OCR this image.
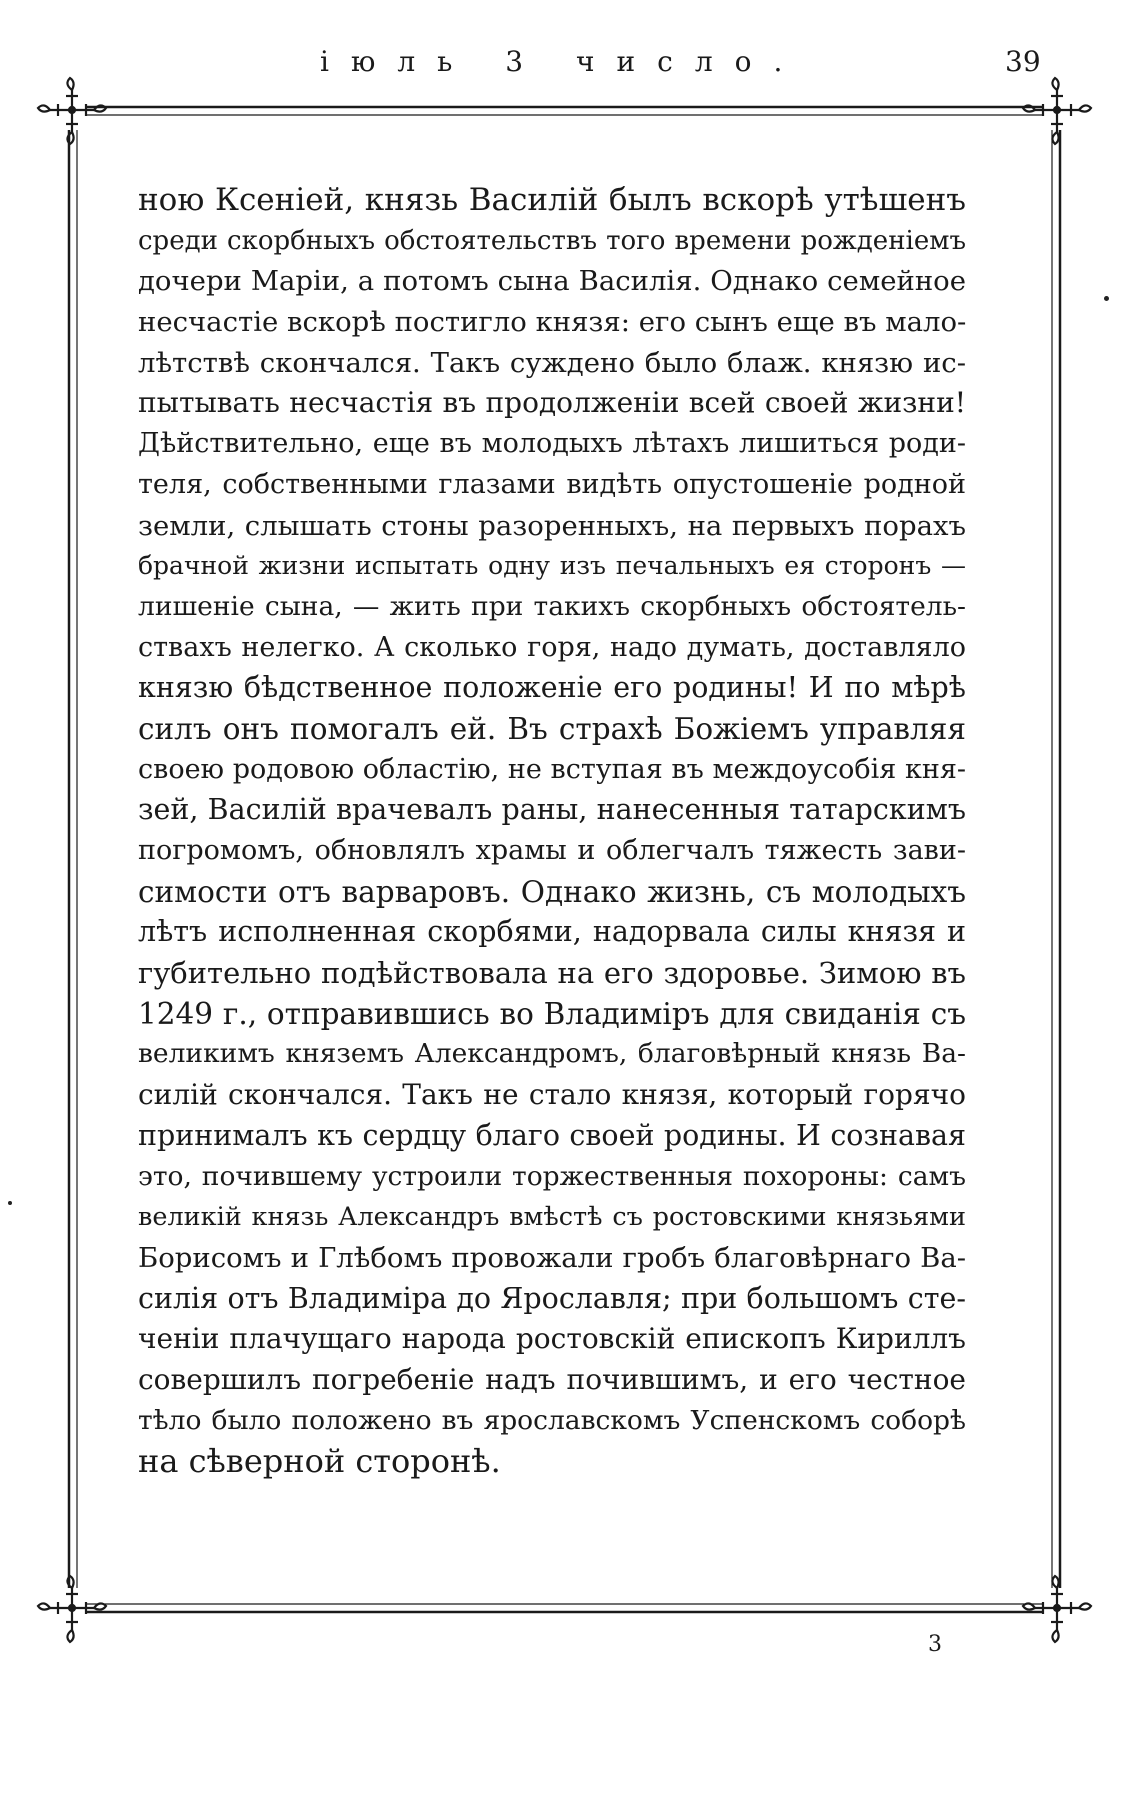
іюль 3 число.	39
ною Ксеніей, князь Василій былъ вскорѣ утѣшенъ
среди скорбныхъ обстоятельствъ того времени рожденіемъ
дочери Маріи, а потомъ сына Василія. Однако семейное
несчастіе вскорѣ постигло князя: его сынъ еще въ мало-
лѣтствѣ скончался. Такъ суждено было блаж. князю ис-
пытывать несчастія въ продолженіи всей своей жизни!
Дѣйствительно, еще въ молодыхъ лѣтахъ лишиться роди-
теля, собственными глазами видѣть опустошеніе родной
земли, слышать стоны разоренныхъ, на первыхъ порахъ
брачной жизни испытать одну изъ печальныхъ ея сторонъ —
лишеніе сына, — жить при такихъ скорбныхъ обстоятель-
ствахъ нелегко. А сколько горя, надо думать, доставляло
князю бѣдственное положеніе его родины! И по мѣрѣ
силъ онъ помогалъ ей. Въ страхѣ Божіемъ управляя
своею родовою областію, не вступая въ междоусобія кня-
зей, Василій врачевалъ раны, нанесенныя татарскимъ
погромомъ, обновлялъ храмы и облегчалъ тяжесть зави-
симости отъ варваровъ. Однако жизнь, съ молодыхъ
лѣтъ исполненная скорбями, надорвала силы князя и
губительно подѣйствовала на его здоровье. Зимою въ
1249 г., отправившись во Владиміръ для свиданія съ
великимъ княземъ Александромъ, благовѣрный князь Ва-
силій скончался. Такъ не стало князя, который горячо
принималъ къ сердцу благо своей родины. И сознавая
это, почившему устроили торжественныя похороны: самъ
великій князь Александръ вмѣстѣ съ ростовскими князьями
Борисомъ и Глѣбомъ провожали гробъ благовѣрнаго Ва-
силія отъ Владиміра до Ярославля; при большомъ сте-
ченіи плачущаго народа ростовскій епископъ Кириллъ
совершилъ погребеніе надъ почившимъ, и его честное
тѣло было положено въ ярославскомъ Успенскомъ соборѣ
на сѣверной сторонѣ.
3
